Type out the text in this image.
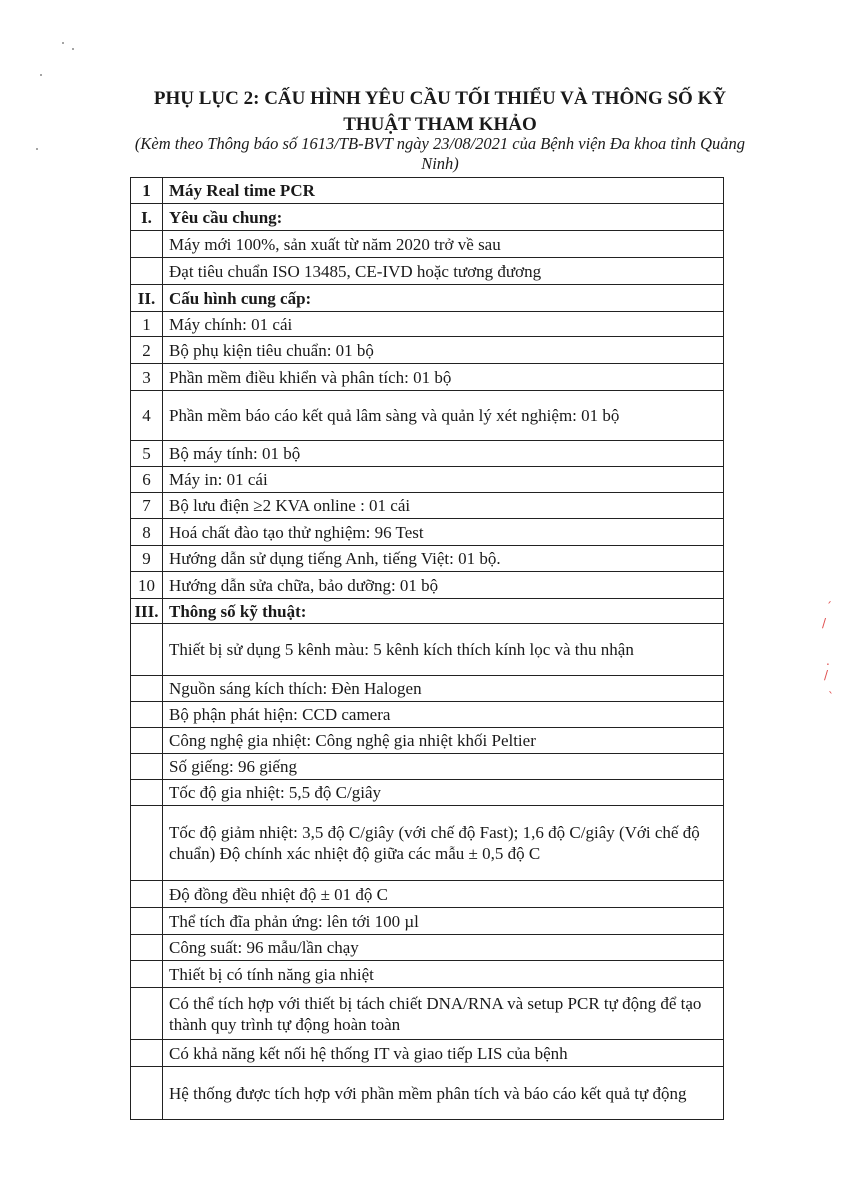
PHỤ LỤC 2: CẤU HÌNH YÊU CẦU TỐI THIỂU VÀ THÔNG SỐ KỸ
THUẬT THAM KHẢO
(Kèm theo Thông báo số 1613/TB-BVT ngày 23/08/2021 của Bệnh viện Đa khoa tỉnh Quảng Ninh)
1	Máy Real time PCR
I.	Yêu cầu chung:
	Máy mới 100%, sản xuất từ năm 2020 trở về sau
	Đạt tiêu chuẩn ISO 13485, CE-IVD hoặc tương đương
II.	Cấu hình cung cấp:
1	Máy chính: 01 cái
2	Bộ phụ kiện tiêu chuẩn: 01 bộ
3	Phần mềm điều khiển và phân tích: 01 bộ
4	Phần mềm báo cáo kết quả lâm sàng và quản lý xét nghiệm: 01 bộ
5	Bộ máy tính: 01 bộ
6	Máy in: 01 cái
7	Bộ lưu điện ≥2 KVA online : 01 cái
8	Hoá chất đào tạo thử nghiệm: 96 Test
9	Hướng dẫn sử dụng tiếng Anh, tiếng Việt: 01 bộ.
10	Hướng dẫn sửa chữa, bảo dưỡng: 01 bộ
III.	Thông số kỹ thuật:
	Thiết bị sử dụng 5 kênh màu: 5 kênh kích thích kính lọc và thu nhận
	Nguồn sáng kích thích: Đèn Halogen
	Bộ phận phát hiện: CCD camera
	Công nghệ gia nhiệt: Công nghệ gia nhiệt khối Peltier
	Số giếng: 96 giếng
	Tốc độ gia nhiệt: 5,5 độ C/giây
	Tốc độ giảm nhiệt: 3,5 độ C/giây (với chế độ Fast); 1,6 độ C/giây (Với chế độ chuẩn) Độ chính xác nhiệt độ giữa các mẫu ± 0,5 độ C
	Độ đồng đều nhiệt độ ± 01 độ C
	Thể tích đĩa phản ứng: lên tới 100 µl
	Công suất: 96 mẫu/lần chạy
	Thiết bị có tính năng gia nhiệt
	Có thể tích hợp với thiết bị tách chiết DNA/RNA và setup PCR tự động để tạo thành quy trình tự động hoàn toàn
	Có khả năng kết nối hệ thống IT và giao tiếp LIS của bệnh
	Hệ thống được tích hợp với phần mềm phân tích và báo cáo kết quả tự động
ˊ
/
.
/
ˋ
